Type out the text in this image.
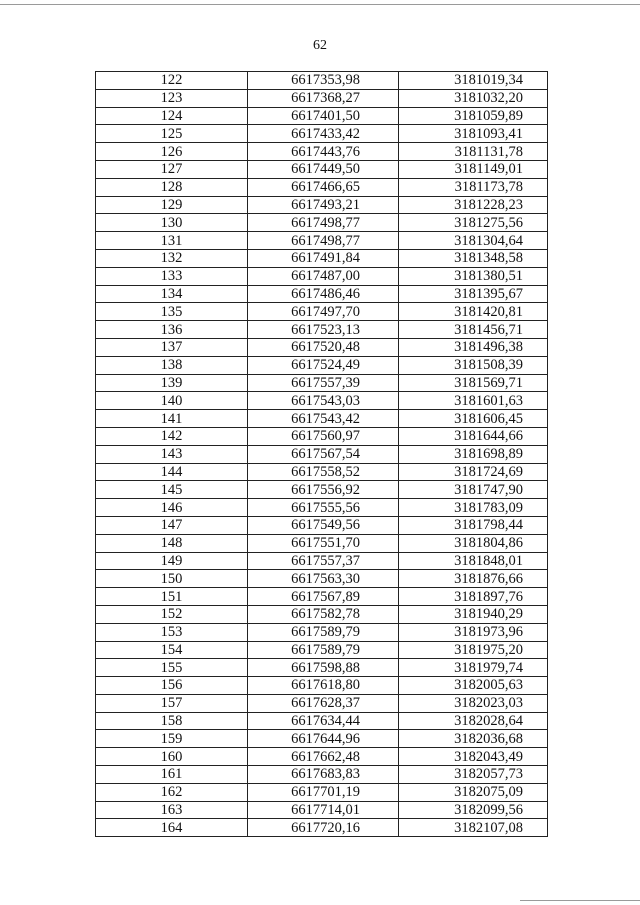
62
122	6617353,98	3181019,34
123	6617368,27	3181032,20
124	6617401,50	3181059,89
125	6617433,42	3181093,41
126	6617443,76	3181131,78
127	6617449,50	3181149,01
128	6617466,65	3181173,78
129	6617493,21	3181228,23
130	6617498,77	3181275,56
131	6617498,77	3181304,64
132	6617491,84	3181348,58
133	6617487,00	3181380,51
134	6617486,46	3181395,67
135	6617497,70	3181420,81
136	6617523,13	3181456,71
137	6617520,48	3181496,38
138	6617524,49	3181508,39
139	6617557,39	3181569,71
140	6617543,03	3181601,63
141	6617543,42	3181606,45
142	6617560,97	3181644,66
143	6617567,54	3181698,89
144	6617558,52	3181724,69
145	6617556,92	3181747,90
146	6617555,56	3181783,09
147	6617549,56	3181798,44
148	6617551,70	3181804,86
149	6617557,37	3181848,01
150	6617563,30	3181876,66
151	6617567,89	3181897,76
152	6617582,78	3181940,29
153	6617589,79	3181973,96
154	6617589,79	3181975,20
155	6617598,88	3181979,74
156	6617618,80	3182005,63
157	6617628,37	3182023,03
158	6617634,44	3182028,64
159	6617644,96	3182036,68
160	6617662,48	3182043,49
161	6617683,83	3182057,73
162	6617701,19	3182075,09
163	6617714,01	3182099,56
164	6617720,16	3182107,08
